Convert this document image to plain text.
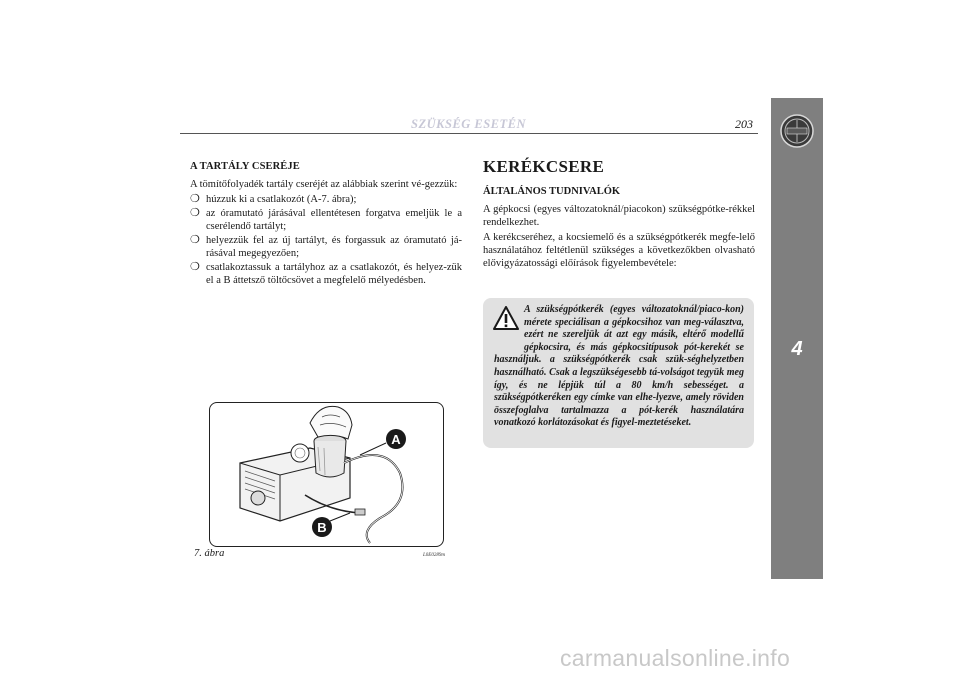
SZÜKSÉG ESETÉN	203
4
A TARTÁLY CSERÉJE
A tömítőfolyadék tartály cseréjét az alábbiak szerint vé-gezzük:
❍ húzzuk ki a csatlakozót (A-7. ábra);
❍ az óramutató járásával ellentétesen forgatva emeljük le a cserélendő tartályt;
❍ helyezzük fel az új tartályt, és forgassuk az óramutató já-rásával megegyezően;
❍ csatlakoztassuk a tartályhoz az a csatlakozót, és helyez-zük el a B áttetsző töltőcsövet a megfelelő mélyedésben.
A
B
7. ábra	L0E0289m
KERÉKCSERE
ÁLTALÁNOS TUDNIVALÓK
A gépkocsi (egyes változatoknál/piacokon) szükségpótke-rékkel rendelkezhet.
A kerékcseréhez, a kocsiemelő és a szükségpótkerék megfe-lelő használatához feltétlenül szükséges a következőkben olvasható elővigyázatossági előírások figyelembevétele:
A szükségpótkerék (egyes változatoknál/piaco-kon) mérete speciálisan a gépkocsihoz van meg-választva, ezért ne szereljük át azt egy másik, eltérő modellű gépkocsira, és más gépkocsitípusok pót-kerekét se használjuk. a szükségpótkerék csak szük-séghelyzetben használható. Csak a legszükségesebb tá-volságot tegyük meg így, és ne lépjük túl a 80 km/h sebességet. a szükségpótkeréken egy címke van elhe-lyezve, amely röviden összefoglalva tartalmazza a pót-kerék használatára vonatkozó korlátozásokat és figyel-meztetéseket.
carmanualsonline.info
